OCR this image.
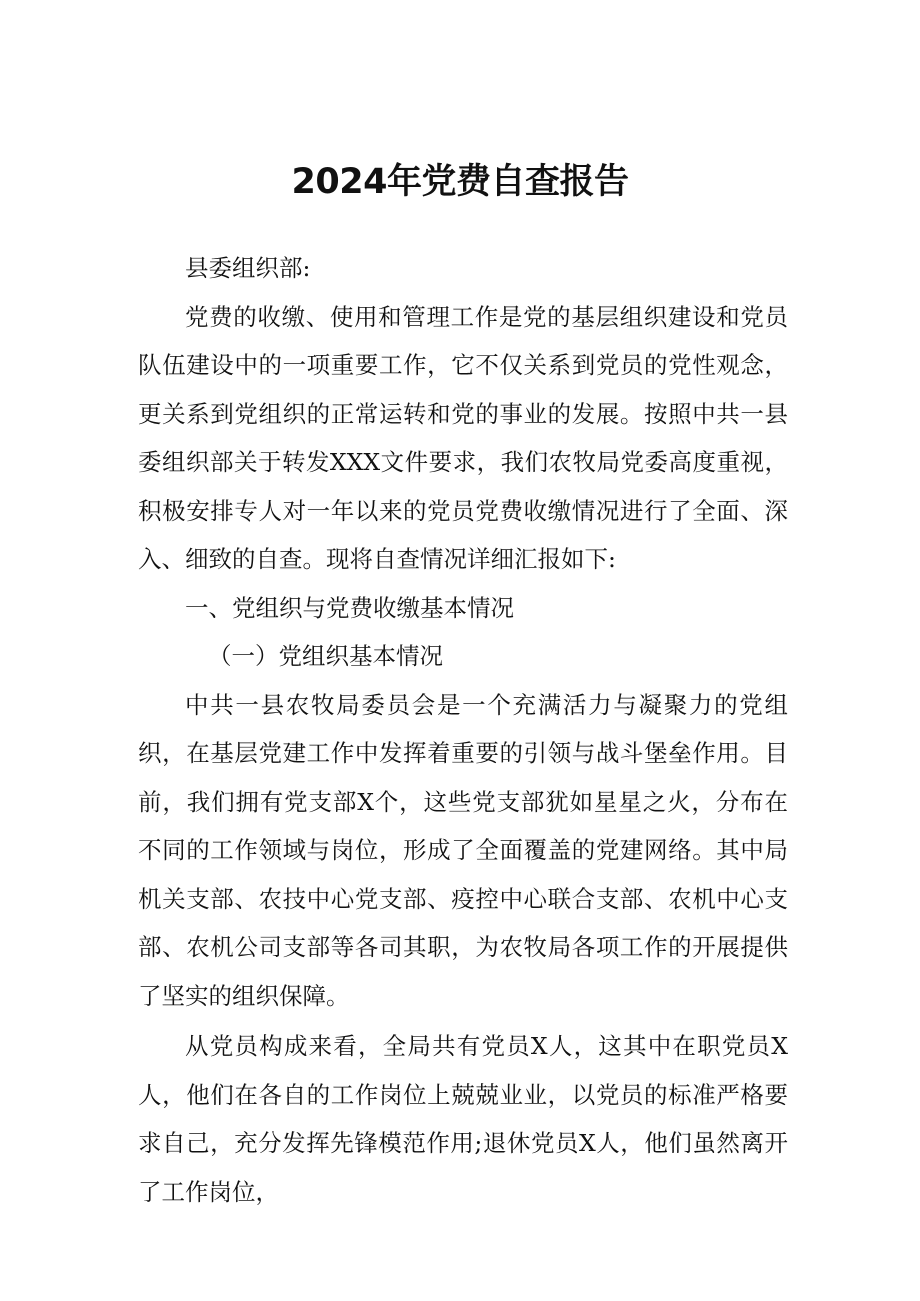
2024年党费自查报告

县委组织部:

党费的收缴、使用和管理工作是党的基层组织建设和党员队伍建设中的一项重要工作，它不仅关系到党员的党性观念，更关系到党组织的正常运转和党的事业的发展。按照中共一县委组织部关于转发XXX文件要求，我们农牧局党委高度重视，积极安排专人对一年以来的党员党费收缴情况进行了全面、深入、细致的自查。现将自查情况详细汇报如下:

一、党组织与党费收缴基本情况

（一）党组织基本情况

中共一县农牧局委员会是一个充满活力与凝聚力的党组织，在基层党建工作中发挥着重要的引领与战斗堡垒作用。目前，我们拥有党支部X个，这些党支部犹如星星之火，分布在不同的工作领域与岗位，形成了全面覆盖的党建网络。其中局机关支部、农技中心党支部、疫控中心联合支部、农机中心支部、农机公司支部等各司其职，为农牧局各项工作的开展提供了坚实的组织保障。

从党员构成来看，全局共有党员X人，这其中在职党员X人，他们在各自的工作岗位上兢兢业业，以党员的标准严格要求自己，充分发挥先锋模范作用;退休党员X人，他们虽然离开了工作岗位，
